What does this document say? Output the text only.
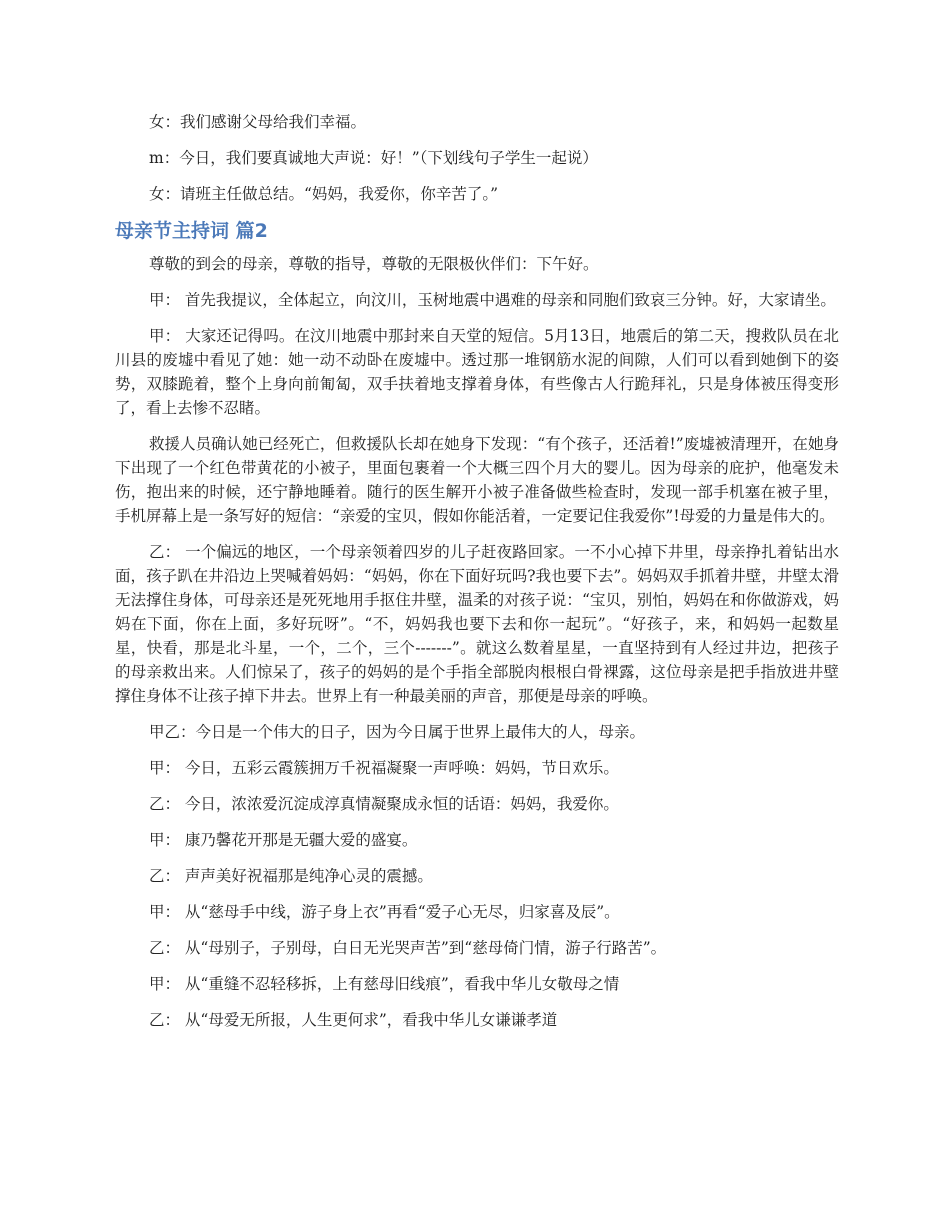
女：我们感谢父母给我们幸福。

m：今日，我们要真诚地大声说：好！”（下划线句子学生一起说）

女：请班主任做总结。“妈妈，我爱你，你辛苦了。”

母亲节主持词 篇2

尊敬的到会的母亲，尊敬的指导，尊敬的无限极伙伴们：下午好。

甲： 首先我提议，全体起立，向汶川，玉树地震中遇难的母亲和同胞们致哀三分钟。好，大家请坐。

甲： 大家还记得吗。在汶川地震中那封来自天堂的短信。5月13日，地震后的第二天，搜救队员在北川县的废墟中看见了她：她一动不动卧在废墟中。透过那一堆钢筋水泥的间隙，人们可以看到她倒下的姿势，双膝跪着，整个上身向前匍匐，双手扶着地支撑着身体，有些像古人行跪拜礼，只是身体被压得变形了，看上去惨不忍睹。

救援人员确认她已经死亡，但救援队长却在她身下发现：“有个孩子，还活着!”废墟被清理开，在她身下出现了一个红色带黄花的小被子，里面包裹着一个大概三四个月大的婴儿。因为母亲的庇护，他毫发未伤，抱出来的时候，还宁静地睡着。随行的医生解开小被子准备做些检查时，发现一部手机塞在被子里，手机屏幕上是一条写好的短信：“亲爱的宝贝，假如你能活着，一定要记住我爱你”!母爱的力量是伟大的。

乙： 一个偏远的地区，一个母亲领着四岁的儿子赶夜路回家。一不小心掉下井里，母亲挣扎着钻出水面，孩子趴在井沿边上哭喊着妈妈：“妈妈，你在下面好玩吗?我也要下去”。妈妈双手抓着井壁，井壁太滑无法撑住身体，可母亲还是死死地用手抠住井壁，温柔的对孩子说：“宝贝，别怕，妈妈在和你做游戏，妈妈在下面，你在上面，多好玩呀”。“不，妈妈我也要下去和你一起玩”。“好孩子，来，和妈妈一起数星星，快看，那是北斗星，一个，二个，三个-------”。就这么数着星星，一直坚持到有人经过井边，把孩子的母亲救出来。人们惊呆了，孩子的妈妈的是个手指全部脱肉根根白骨裸露，这位母亲是把手指放进井壁撑住身体不让孩子掉下井去。世界上有一种最美丽的声音，那便是母亲的呼唤。

甲乙：今日是一个伟大的日子，因为今日属于世界上最伟大的人，母亲。

甲： 今日，五彩云霞簇拥万千祝福凝聚一声呼唤：妈妈，节日欢乐。

乙： 今日，浓浓爱沉淀成淳真情凝聚成永恒的话语：妈妈，我爱你。

甲： 康乃馨花开那是无疆大爱的盛宴。

乙： 声声美好祝福那是纯净心灵的震撼。

甲： 从“慈母手中线，游子身上衣”再看“爱子心无尽，归家喜及辰”。

乙： 从“母别子，子别母，白日无光哭声苦”到“慈母倚门情，游子行路苦”。

甲： 从“重缝不忍轻移拆，上有慈母旧线痕”，看我中华儿女敬母之情

乙： 从“母爱无所报，人生更何求”，看我中华儿女谦谦孝道
